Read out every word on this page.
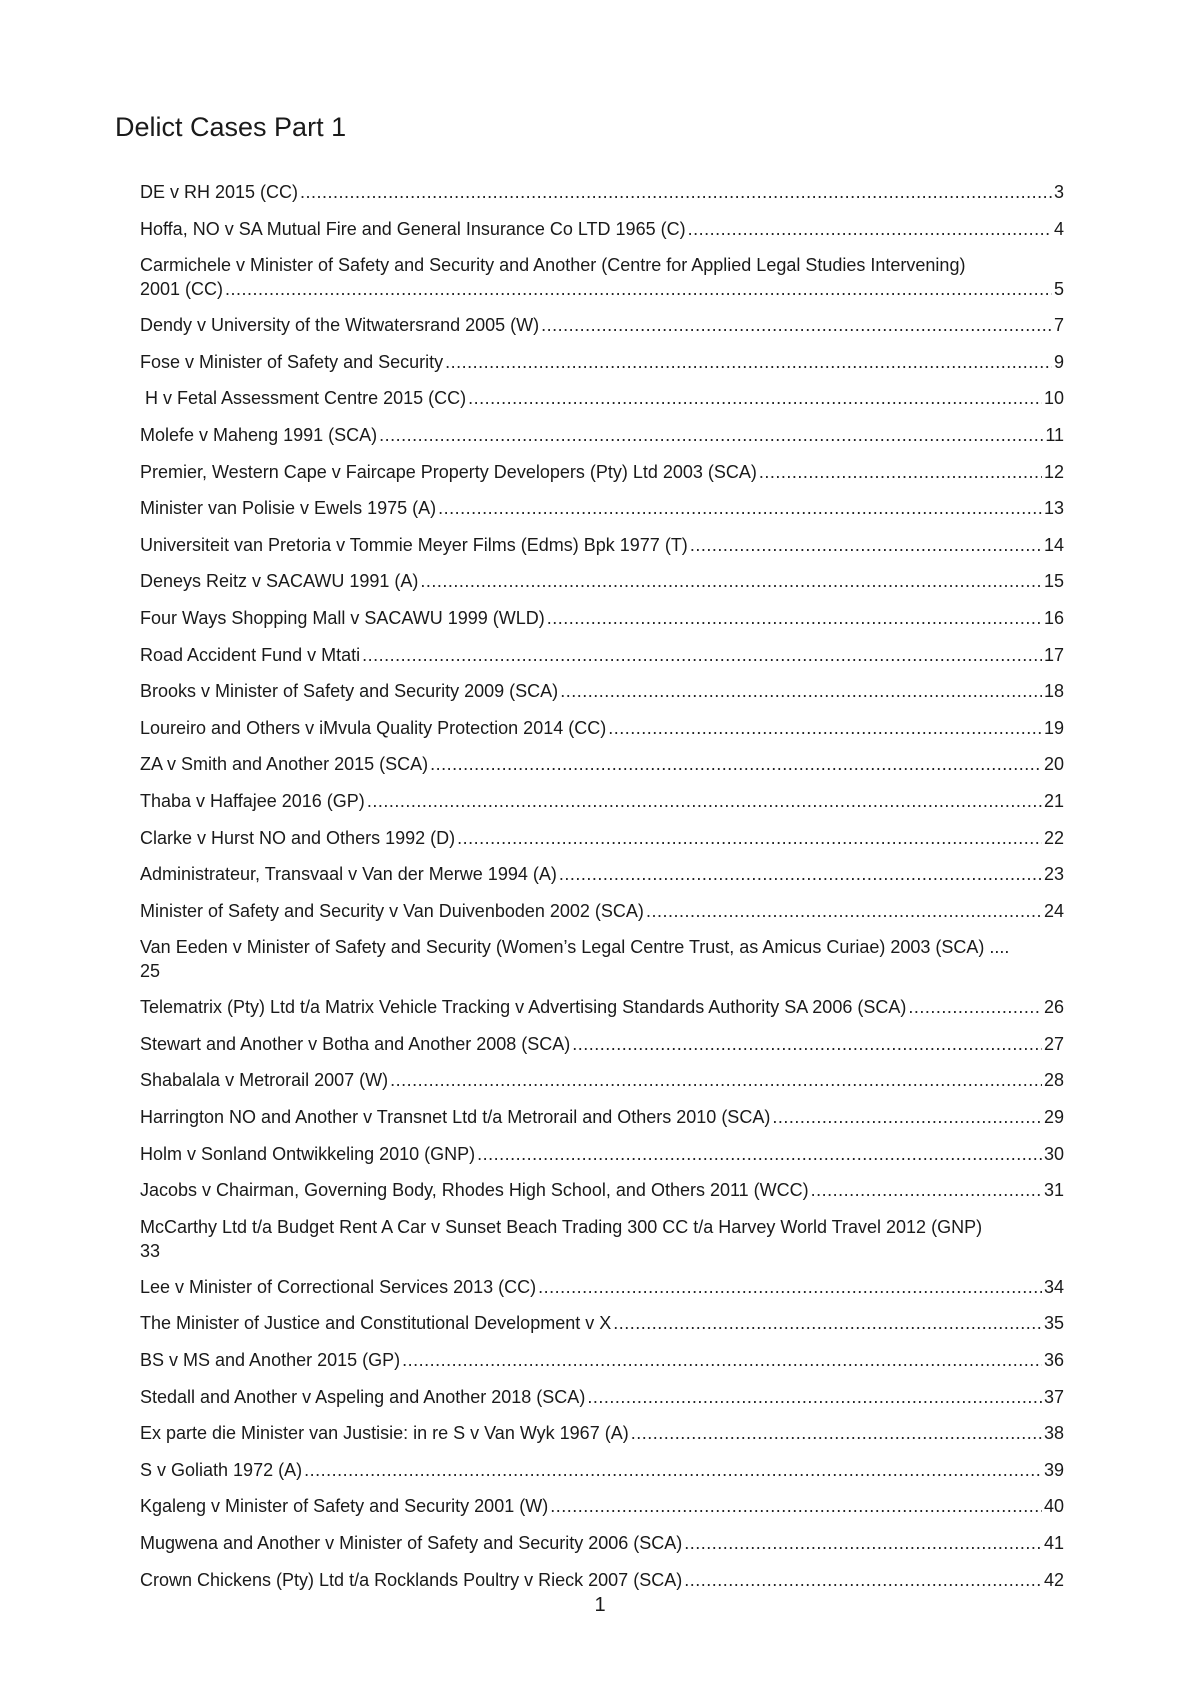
Delict Cases Part 1
DE v RH 2015 (CC) .....	3
Hoffa, NO v SA Mutual Fire and General Insurance Co LTD 1965 (C) .....	4
Carmichele v Minister of Safety and Security and Another (Centre for Applied Legal Studies Intervening)
2001 (CC) .....	5
Dendy v University of the Witwatersrand 2005 (W) .....	7
Fose v Minister of Safety and Security .....	9
H v Fetal Assessment Centre 2015 (CC) .....	10
Molefe v Maheng 1991 (SCA) .....	11
Premier, Western Cape v Faircape Property Developers (Pty) Ltd 2003 (SCA) .....	12
Minister van Polisie v Ewels 1975 (A) .....	13
Universiteit van Pretoria v Tommie Meyer Films (Edms) Bpk 1977 (T) .....	14
Deneys Reitz v SACAWU 1991 (A) .....	15
Four Ways Shopping Mall v SACAWU 1999 (WLD) .....	16
Road Accident Fund v Mtati .....	17
Brooks v Minister of Safety and Security 2009 (SCA) .....	18
Loureiro and Others v iMvula Quality Protection 2014 (CC) .....	19
ZA v Smith and Another 2015 (SCA) .....	20
Thaba v Haffajee 2016 (GP) .....	21
Clarke v Hurst NO and Others 1992 (D) .....	22
Administrateur, Transvaal v Van der Merwe 1994 (A) .....	23
Minister of Safety and Security v Van Duivenboden 2002 (SCA) .....	24
Van Eeden v Minister of Safety and Security (Women’s Legal Centre Trust, as Amicus Curiae) 2003 (SCA) ....
25
Telematrix (Pty) Ltd t/a Matrix Vehicle Tracking v Advertising Standards Authority SA 2006 (SCA) .....	26
Stewart and Another v Botha and Another 2008 (SCA) .....	27
Shabalala v Metrorail 2007 (W) .....	28
Harrington NO and Another v Transnet Ltd t/a Metrorail and Others 2010 (SCA) .....	29
Holm v Sonland Ontwikkeling 2010 (GNP) .....	30
Jacobs v Chairman, Governing Body, Rhodes High School, and Others 2011 (WCC) .....	31
McCarthy Ltd t/a Budget Rent A Car v Sunset Beach Trading 300 CC t/a Harvey World Travel 2012 (GNP)
33
Lee v Minister of Correctional Services 2013 (CC) .....	34
The Minister of Justice and Constitutional Development v X .....	35
BS v MS and Another 2015 (GP) .....	36
Stedall and Another v Aspeling and Another 2018 (SCA) .....	37
Ex parte die Minister van Justisie: in re S v Van Wyk 1967 (A) .....	38
S v Goliath 1972 (A) .....	39
Kgaleng v Minister of Safety and Security 2001 (W) .....	40
Mugwena and Another v Minister of Safety and Security 2006 (SCA) .....	41
Crown Chickens (Pty) Ltd t/a Rocklands Poultry v Rieck 2007 (SCA) .....	42
1
